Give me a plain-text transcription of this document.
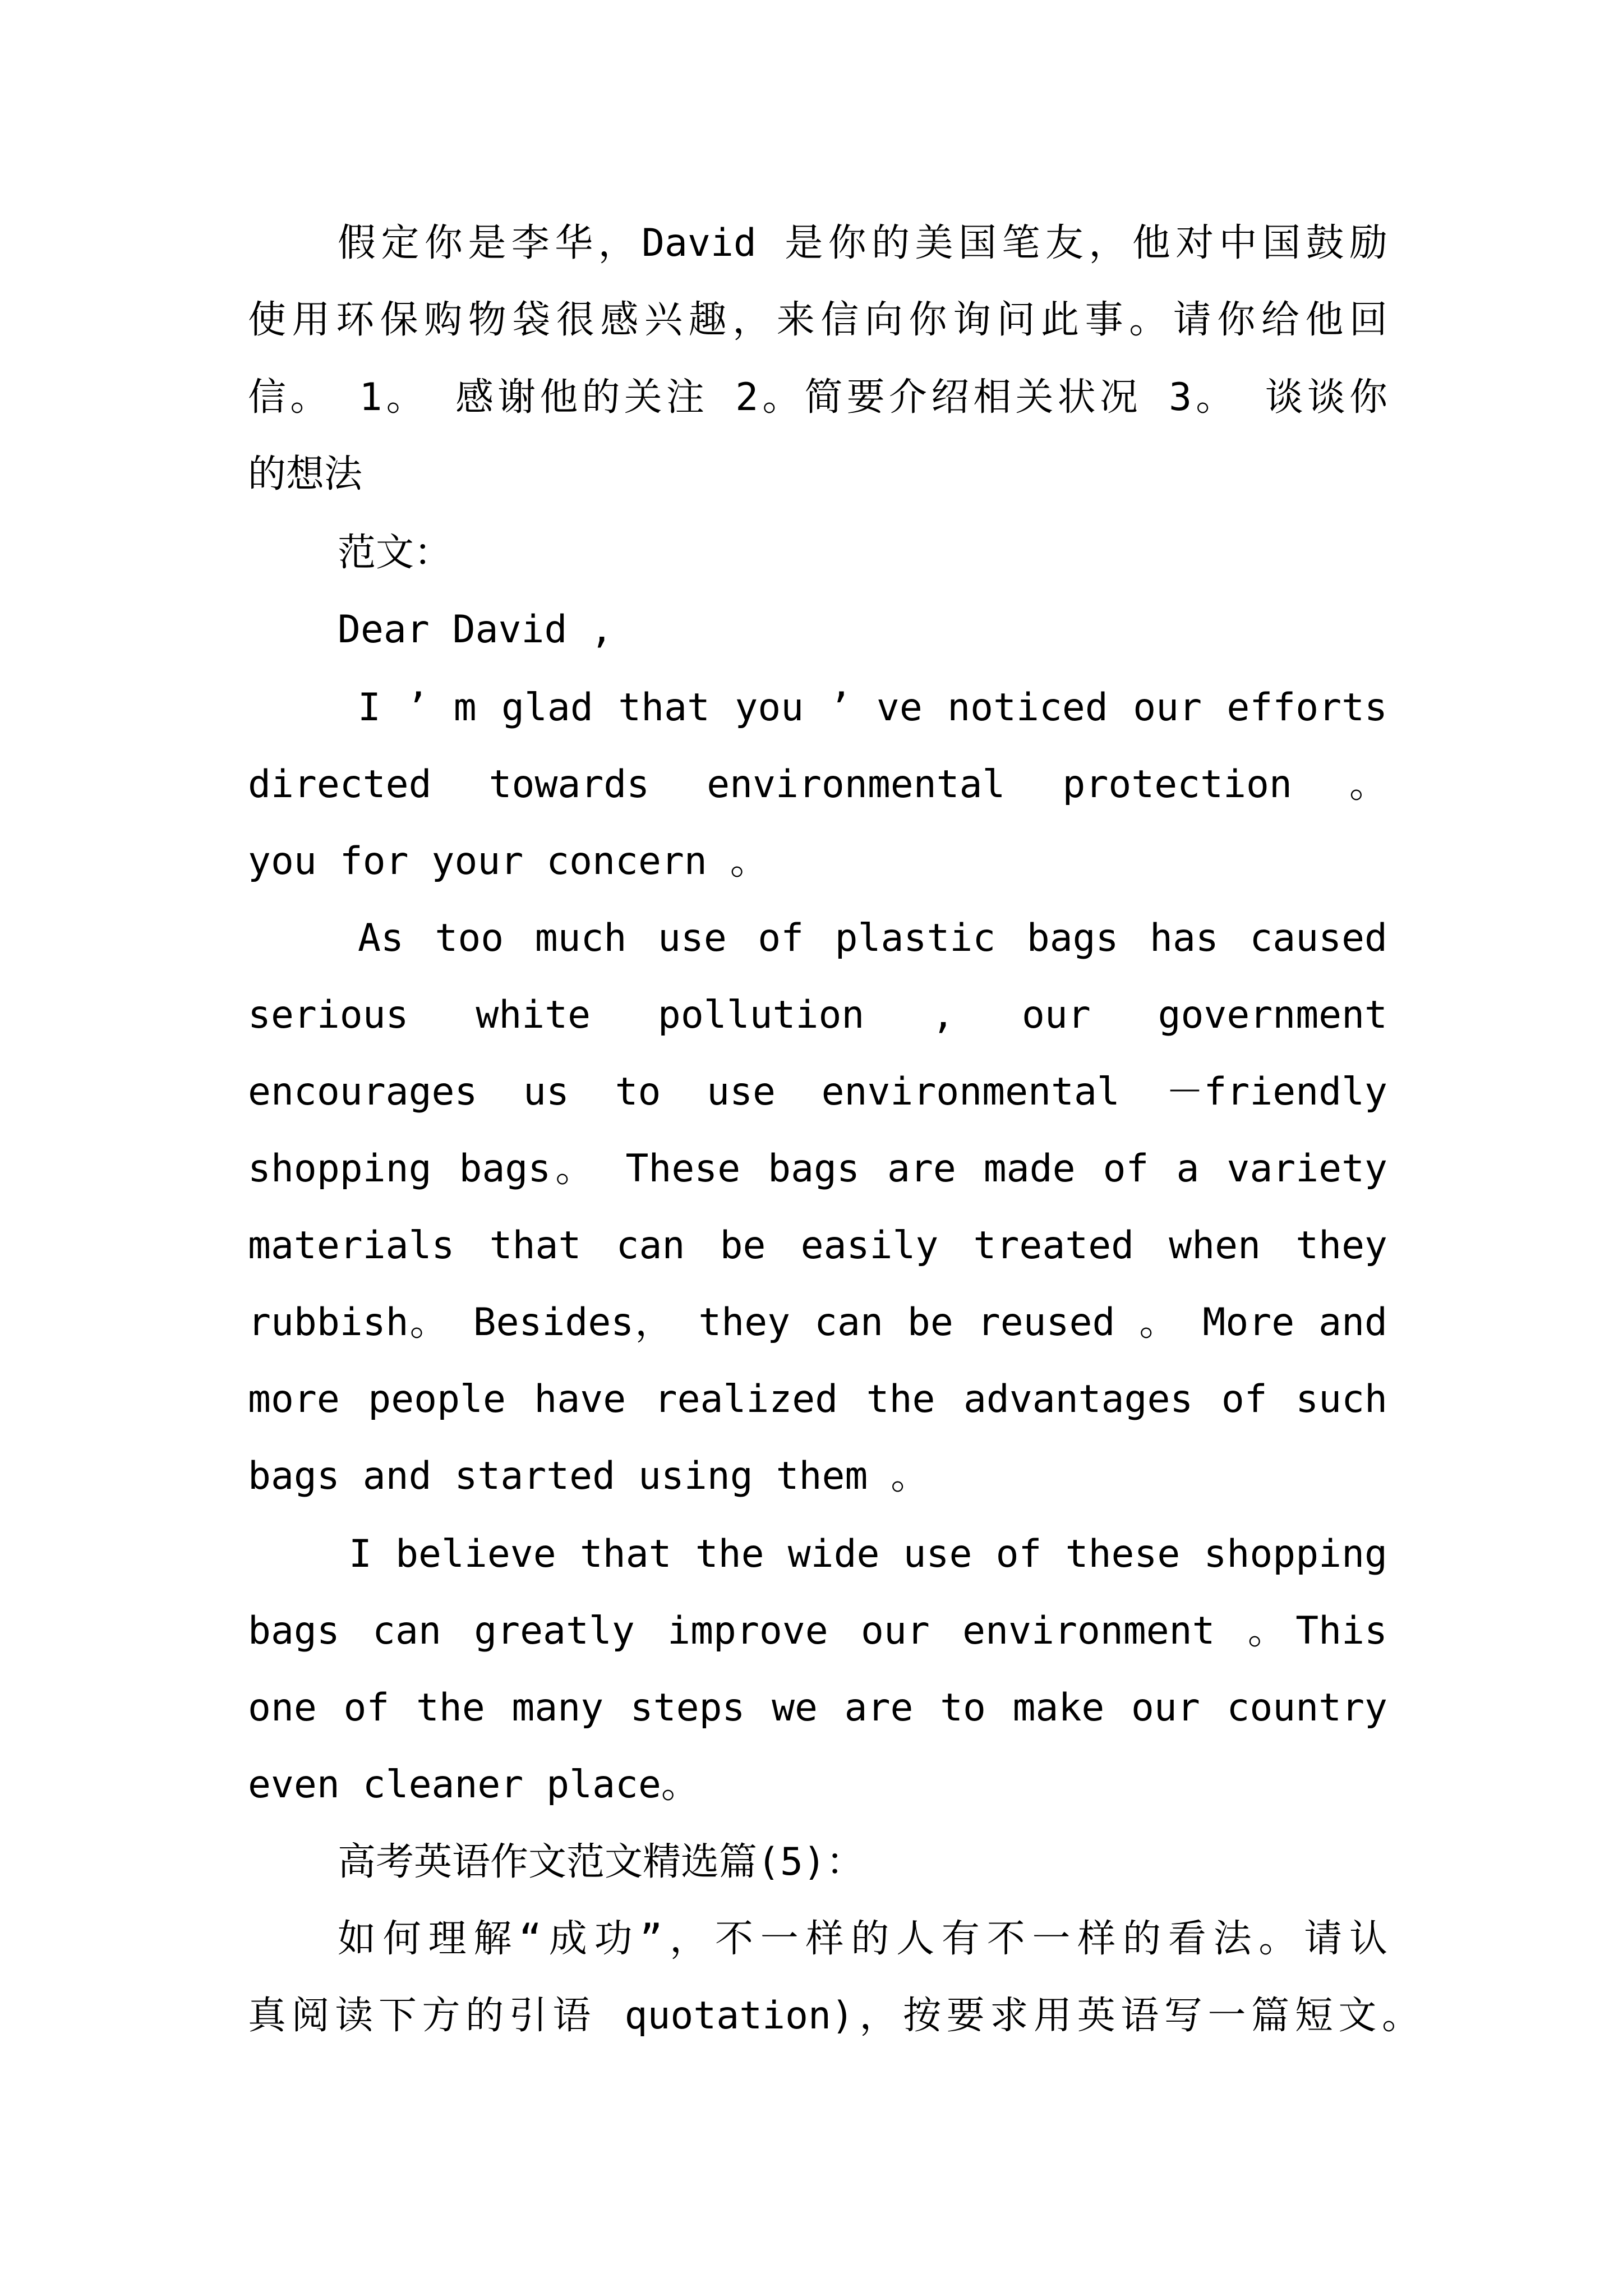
假定你是李华，David 是你的美国笔友，他对中国鼓励
使用环保购物袋很感兴趣，来信向你询问此事。请你给他回
信。 1。 感谢他的关注 2。简要介绍相关状况 3。 谈谈你
的想法
范文：
Dear David ,
I ’ m glad that you ’ ve noticed our efforts
directed towards environmental protection 。
you for your concern 。
As too much use of plastic bags has caused
serious white pollution , our government
encourages us to use environmental －friendly
shopping bags。 These bags are made of a variety
materials that can be easily treated when they
rubbish。 Besides， they can be reused 。 More and
more people have realized the advantages of such
bags and started using them 。
I believe that the wide use of these shopping
bags can greatly improve our environment 。This
one of the many steps we are to make our country
even cleaner place。
高考英语作文范文精选篇(5)：
如何理解“成功”，不一样的人有不一样的看法。请认
真阅读下方的引语 quotation)，按要求用英语写一篇短文。
